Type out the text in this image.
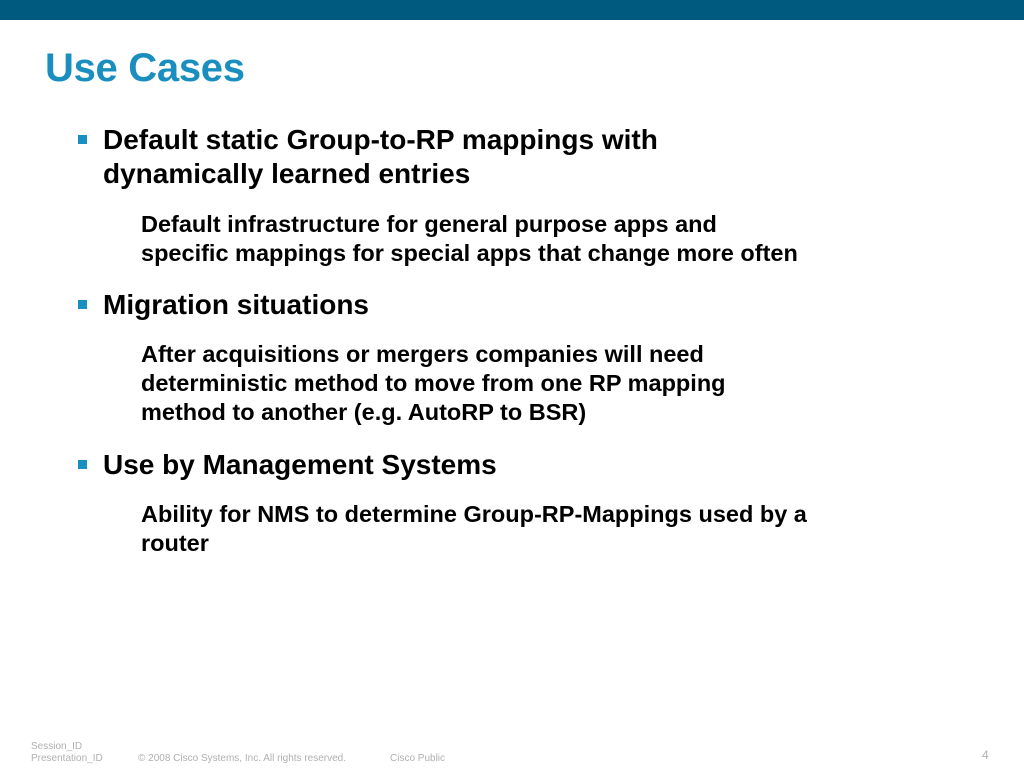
Use Cases
Default static Group-to-RP mappings with
dynamically learned entries
Default infrastructure for general purpose apps and
specific mappings for special apps that change more often
Migration situations
After acquisitions or mergers companies will need
deterministic method to move from one RP mapping
method to another (e.g. AutoRP to BSR)
Use by Management Systems
Ability for NMS to determine Group-RP-Mappings used by a
router
Session_ID
Presentation_ID	© 2008 Cisco Systems, Inc. All rights reserved.	Cisco Public	4
